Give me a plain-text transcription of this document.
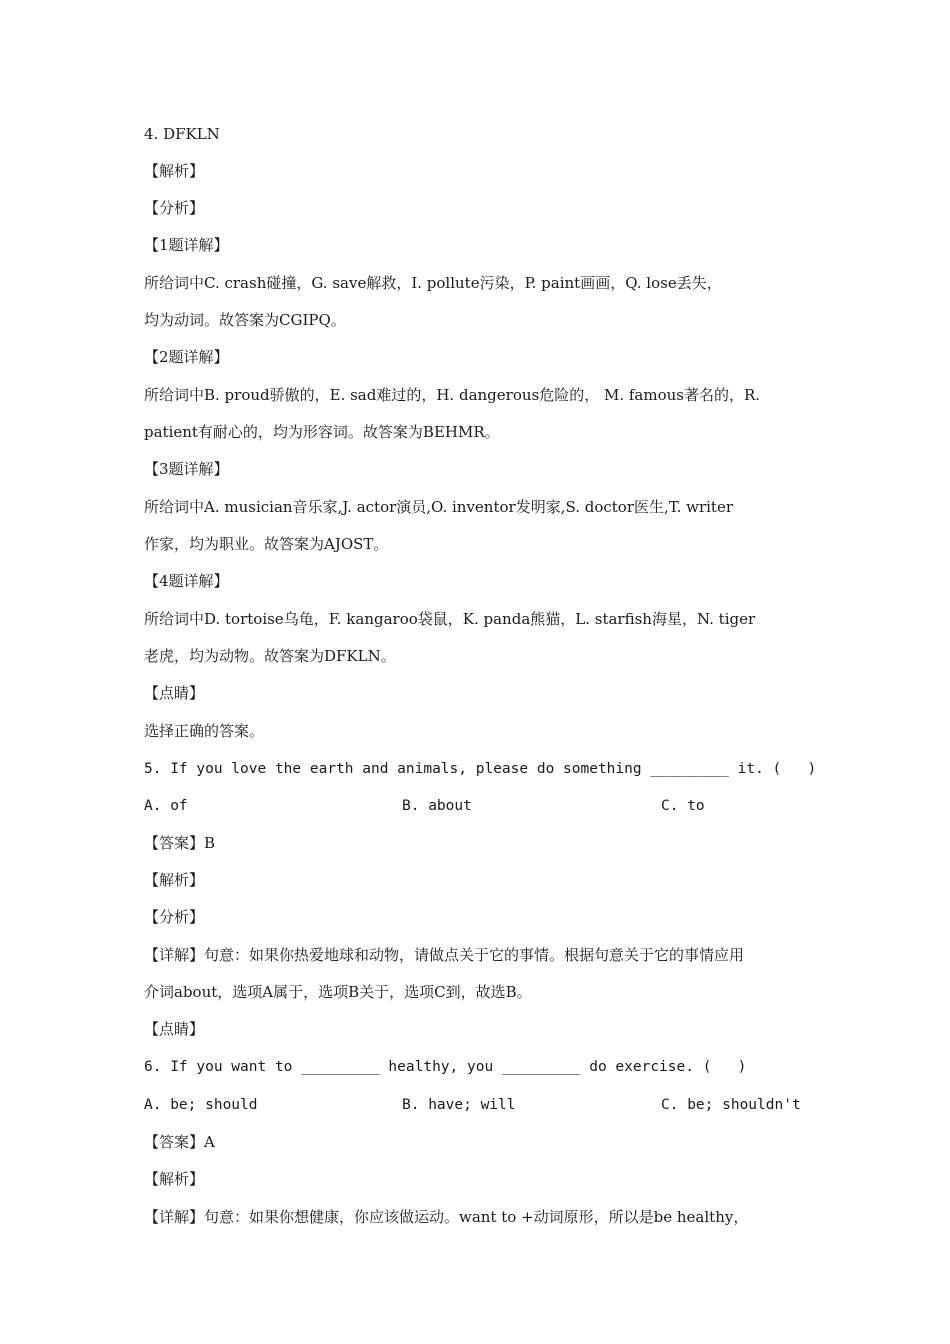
4. DFKLN
【解析】
【分析】
【1题详解】
所给词中C. crash碰撞，G. save解救，I. pollute污染，P. paint画画，Q. lose丢失，
均为动词。故答案为CGIPQ。
【2题详解】
所给词中B. proud骄傲的，E. sad难过的，H. dangerous危险的， M. famous著名的，R.
patient有耐心的，均为形容词。故答案为BEHMR。
【3题详解】
所给词中A. musician音乐家,J. actor演员,O. inventor发明家,S. doctor医生,T. writer
作家，均为职业。故答案为AJOST。
【4题详解】
所给词中D. tortoise乌龟，F. kangaroo袋鼠，K. panda熊猫，L. starfish海星，N. tiger
老虎，均为动物。故答案为DFKLN。
【点睛】
选择正确的答案。
5. If you love the earth and animals, please do something _________ it. (   )
A. of	B. about	C. to
【答案】B
【解析】
【分析】
【详解】句意：如果你热爱地球和动物，请做点关于它的事情。根据句意关于它的事情应用
介词about，选项A属于，选项B关于，选项C到，故选B。
【点睛】
6. If you want to _________ healthy, you _________ do exercise. (   )
A. be; should	B. have; will	C. be; shouldn't
【答案】A
【解析】
【详解】句意：如果你想健康，你应该做运动。want to +动词原形，所以是be healthy，
